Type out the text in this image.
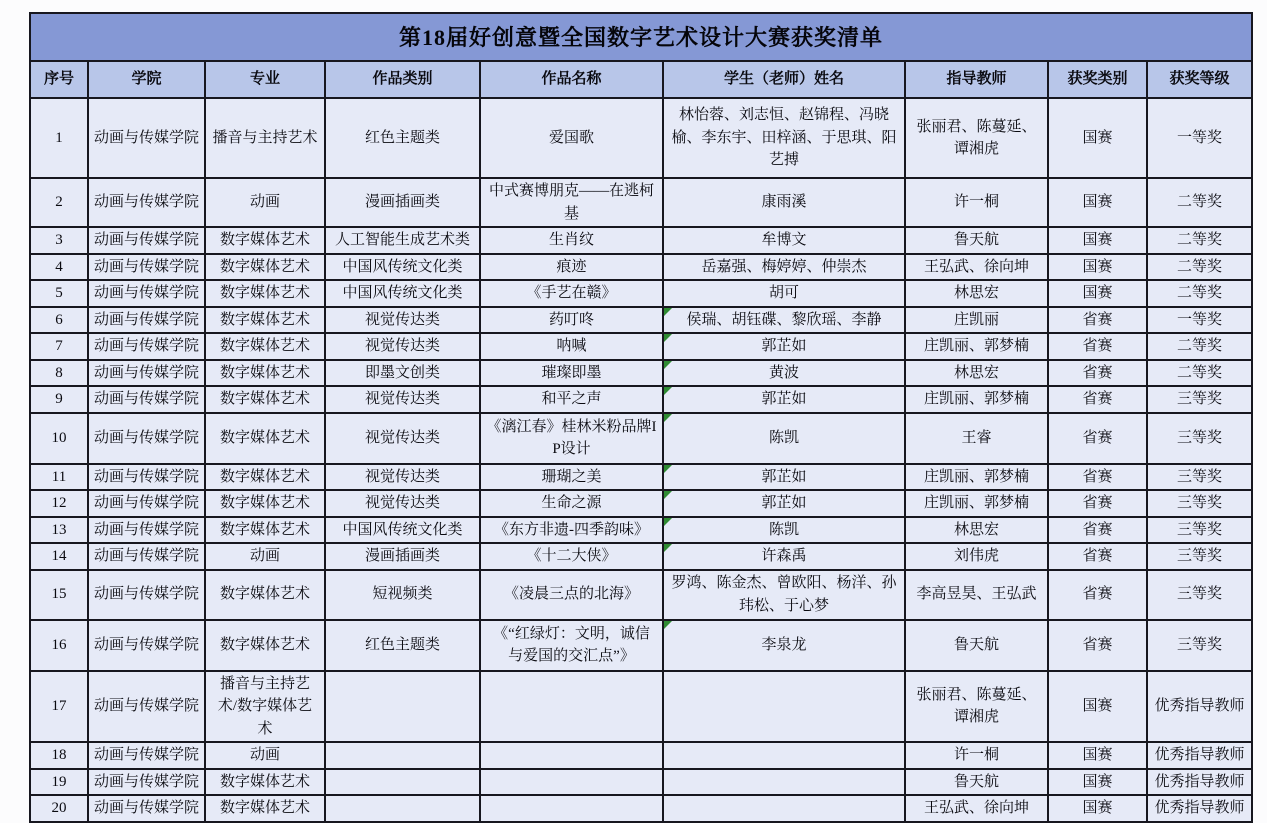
第18届好创意暨全国数字艺术设计大赛获奖清单								
序号	学院	专业	作品类别	作品名称	学生（老师）姓名	指导教师	获奖类别	获奖等级
1	动画与传媒学院	播音与主持艺术	红色主题类	爱国歌	林怡蓉、刘志恒、赵锦程、冯晓榆、李东宇、田梓涵、于思琪、阳艺搏	张丽君、陈蔓延、谭湘虎	国赛	一等奖
2	动画与传媒学院	动画	漫画插画类	中式赛博朋克——在逃柯基	康雨溪	许一桐	国赛	二等奖
3	动画与传媒学院	数字媒体艺术	人工智能生成艺术类	生肖纹	牟博文	鲁天航	国赛	二等奖
4	动画与传媒学院	数字媒体艺术	中国风传统文化类	痕迹	岳嘉强、梅婷婷、仲崇杰	王弘武、徐向坤	国赛	二等奖
5	动画与传媒学院	数字媒体艺术	中国风传统文化类	《手艺在赣》	胡可	林思宏	国赛	二等奖
6	动画与传媒学院	数字媒体艺术	视觉传达类	药叮咚	侯瑞、胡钰碟、黎欣瑶、李静	庄凯丽	省赛	一等奖
7	动画与传媒学院	数字媒体艺术	视觉传达类	呐喊	郭芷如	庄凯丽、郭梦楠	省赛	二等奖
8	动画与传媒学院	数字媒体艺术	即墨文创类	璀璨即墨	黄波	林思宏	省赛	二等奖
9	动画与传媒学院	数字媒体艺术	视觉传达类	和平之声	郭芷如	庄凯丽、郭梦楠	省赛	三等奖
10	动画与传媒学院	数字媒体艺术	视觉传达类	《漓江春》桂林米粉品牌IP设计	陈凯	王睿	省赛	三等奖
11	动画与传媒学院	数字媒体艺术	视觉传达类	珊瑚之美	郭芷如	庄凯丽、郭梦楠	省赛	三等奖
12	动画与传媒学院	数字媒体艺术	视觉传达类	生命之源	郭芷如	庄凯丽、郭梦楠	省赛	三等奖
13	动画与传媒学院	数字媒体艺术	中国风传统文化类	《东方非遗-四季韵味》	陈凯	林思宏	省赛	三等奖
14	动画与传媒学院	动画	漫画插画类	《十二大侠》	许森禹	刘伟虎	省赛	三等奖
15	动画与传媒学院	数字媒体艺术	短视频类	《凌晨三点的北海》	罗鸿、陈金杰、曾欧阳、杨洋、孙玮松、于心梦	李高昱昊、王弘武	省赛	三等奖
16	动画与传媒学院	数字媒体艺术	红色主题类	《“红绿灯：文明，诚信与爱国的交汇点”》	李泉龙	鲁天航	省赛	三等奖
17	动画与传媒学院	播音与主持艺术/数字媒体艺术				张丽君、陈蔓延、谭湘虎	国赛	优秀指导教师
18	动画与传媒学院	动画				许一桐	国赛	优秀指导教师
19	动画与传媒学院	数字媒体艺术				鲁天航	国赛	优秀指导教师
20	动画与传媒学院	数字媒体艺术				王弘武、徐向坤	国赛	优秀指导教师
